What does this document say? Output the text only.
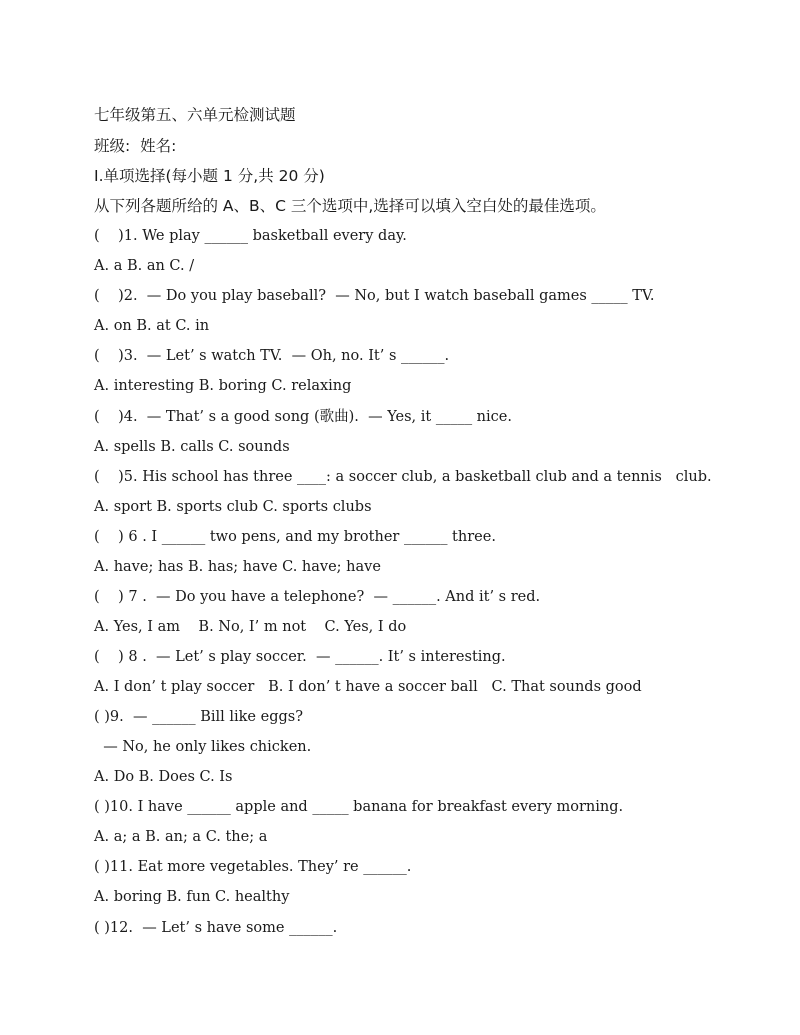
七年级第五、六单元检测试题
班级:  姓名:
I.单项选择(每小题 1 分,共 20 分)
从下列各题所给的 A、B、C 三个选项中,选择可以填入空白处的最佳选项。
(    )1. We play ______ basketball every day.
A. a B. an C. /
(    )2.  — Do you play baseball?  — No, but I watch baseball games _____ TV.
A. on B. at C. in
(    )3.  — Let’ s watch TV.  — Oh, no. It’ s ______.
A. interesting B. boring C. relaxing
(    )4.  — That’ s a good song (歌曲).  — Yes, it _____ nice.
A. spells B. calls C. sounds
(    )5. His school has three ____: a soccer club, a basketball club and a tennis   club.
A. sport B. sports club C. sports clubs
(    ) 6 . I ______ two pens, and my brother ______ three.
A. have; has B. has; have C. have; have
(    ) 7 .  — Do you have a telephone?  — ______. And it’ s red.
A. Yes, I am    B. No, I’ m not    C. Yes, I do
(    ) 8 .  — Let’ s play soccer.  — ______. It’ s interesting.
A. I don’ t play soccer   B. I don’ t have a soccer ball   C. That sounds good
( )9.  — ______ Bill like eggs?
— No, he only likes chicken.
A. Do B. Does C. Is
( )10. I have ______ apple and _____ banana for breakfast every morning.
A. a; a B. an; a C. the; a
( )11. Eat more vegetables. They’ re ______.
A. boring B. fun C. healthy
( )12.  — Let’ s have some ______.
